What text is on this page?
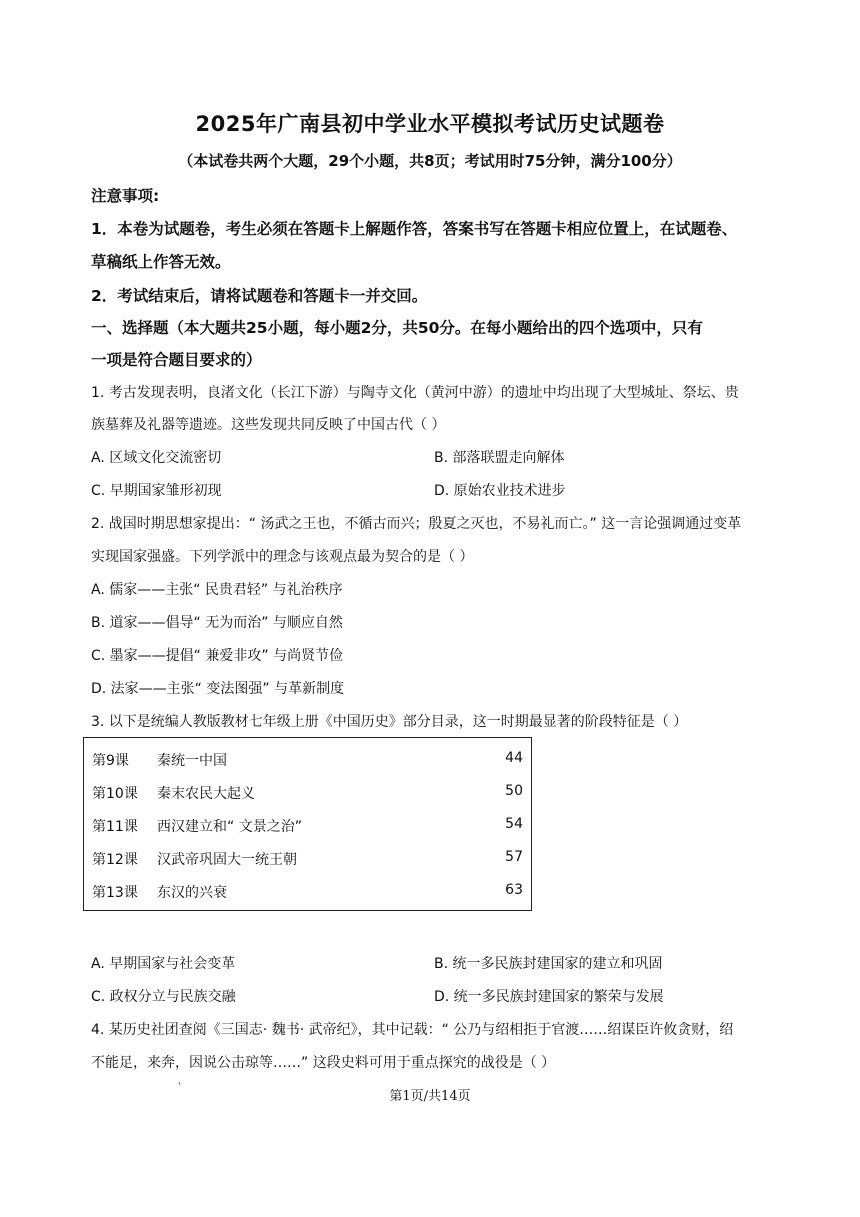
2025年广南县初中学业水平模拟考试历史试题卷
（本试卷共两个大题，29个小题，共8页；考试用时75分钟，满分100分）
注意事项:
1．本卷为试题卷，考生必须在答题卡上解题作答，答案书写在答题卡相应位置上，在试题卷、
草稿纸上作答无效。
2．考试结束后，请将试题卷和答题卡一并交回。
一、选择题（本大题共25小题，每小题2分，共50分。在每小题给出的四个选项中，只有
一项是符合题目要求的）
1. 考古发现表明，良渚文化（长江下游）与陶寺文化（黄河中游）的遗址中均出现了大型城址、祭坛、贵
族墓葬及礼器等遗迹。这些发现共同反映了中国古代（ ）
A. 区域文化交流密切	B. 部落联盟走向解体
C. 早期国家雏形初现	D. 原始农业技术进步
2. 战国时期思想家提出：“ 汤武之王也，不循古而兴；殷夏之灭也，不易礼而亡。” 这一言论强调通过变革
实现国家强盛。下列学派中的理念与该观点最为契合的是（ ）
A. 儒家——主张“ 民贵君轻” 与礼治秩序
B. 道家——倡导“ 无为而治” 与顺应自然
C. 墨家——提倡“ 兼爱非攻” 与尚贤节俭
D. 法家——主张“ 变法图强” 与革新制度
3. 以下是统编人教版教材七年级上册《中国历史》部分目录，这一时期最显著的阶段特征是（ ）
第9课 秦统一中国	44
第10课 秦末农民大起义	50
第11课 西汉建立和“ 文景之治”	54
第12课 汉武帝巩固大一统王朝	57
第13课 东汉的兴衰	63
A. 早期国家与社会变革	B. 统一多民族封建国家的建立和巩固
C. 政权分立与民族交融	D. 统一多民族封建国家的繁荣与发展
4. 某历史社团查阅《三国志· 魏书· 武帝纪》，其中记载：“ 公乃与绍相拒于官渡……绍谋臣许攸贪财，绍
不能足，来奔，因说公击琼等……” 这段史料可用于重点探究的战役是（ ）
'
第1页/共14页
